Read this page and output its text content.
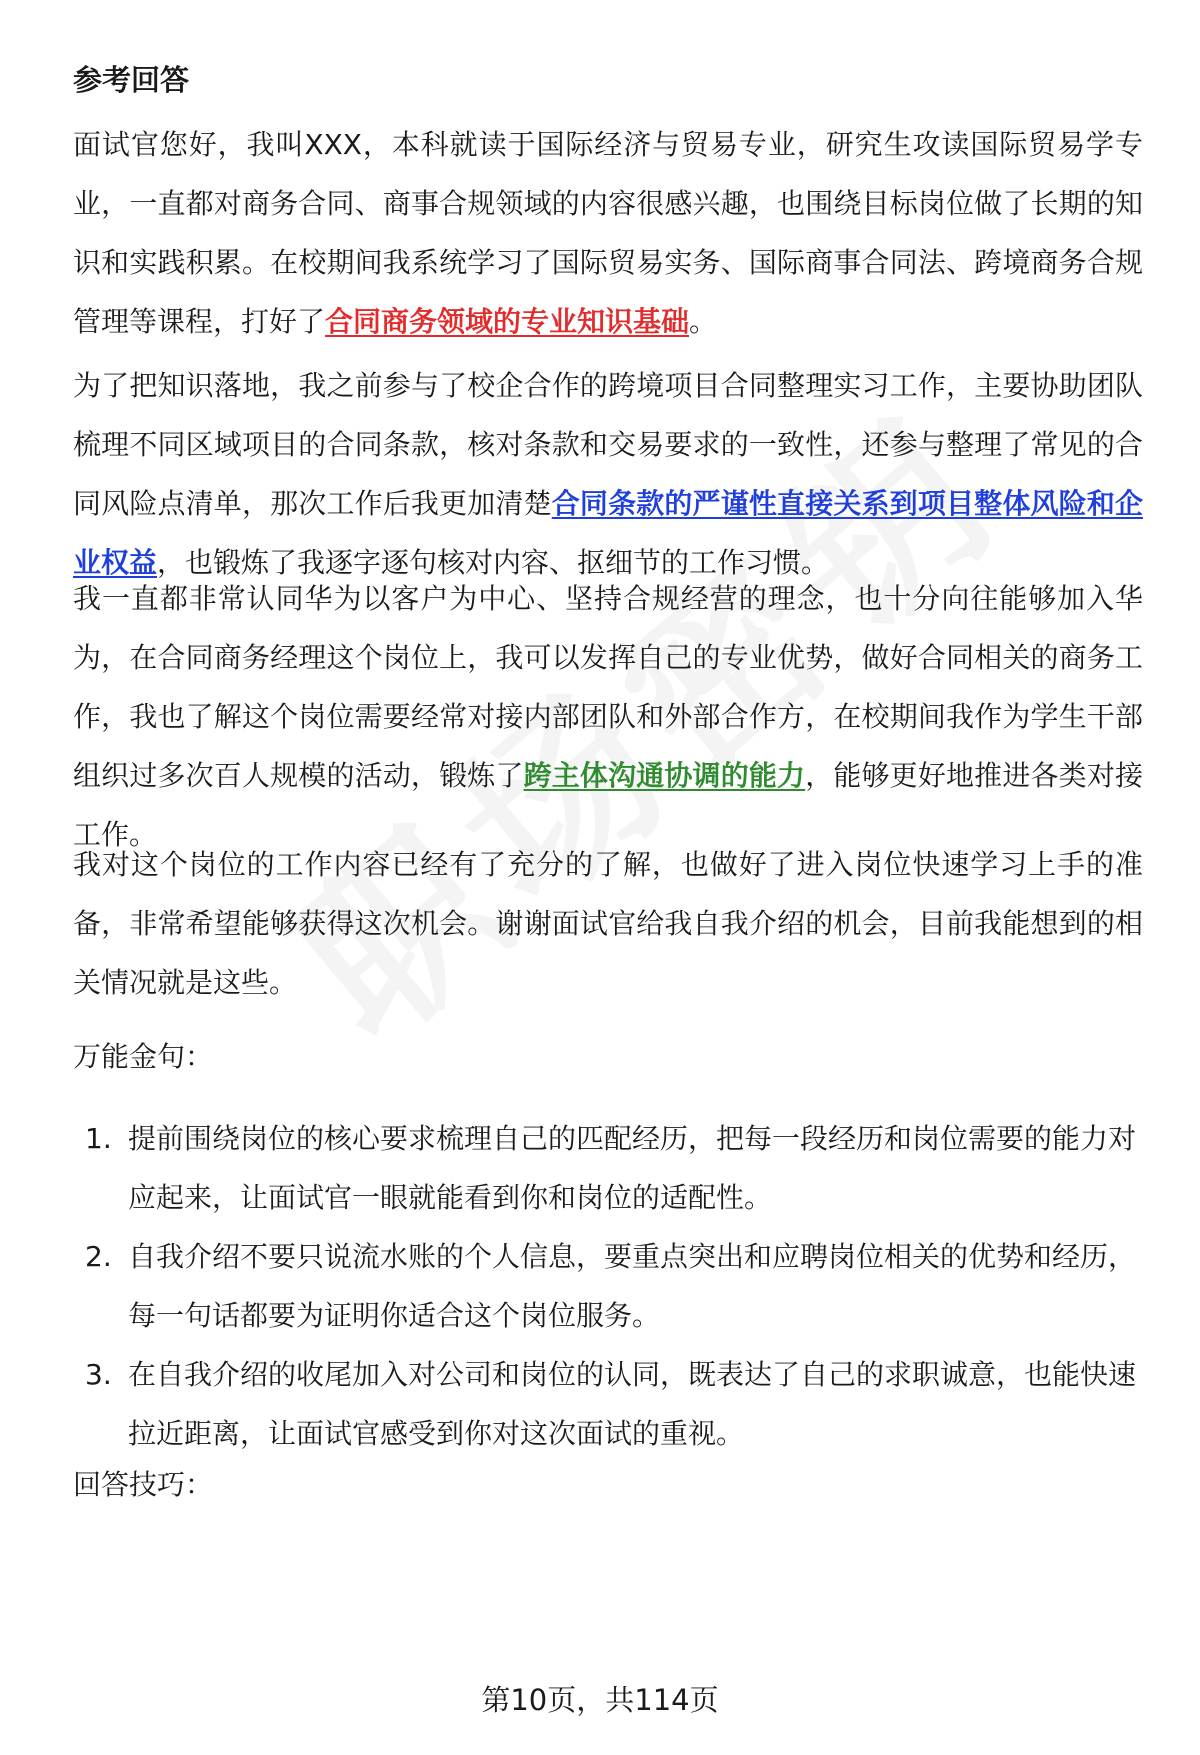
参考回答

面试官您好，我叫XXX，本科就读于国际经济与贸易专业，研究生攻读国际贸易学专业，一直都对商务合同、商事合规领域的内容很感兴趣，也围绕目标岗位做了长期的知识和实践积累。在校期间我系统学习了国际贸易实务、国际商事合同法、跨境商务合规管理等课程，打好了合同商务领域的专业知识基础。

为了把知识落地，我之前参与了校企合作的跨境项目合同整理实习工作，主要协助团队梳理不同区域项目的合同条款，核对条款和交易要求的一致性，还参与整理了常见的合同风险点清单，那次工作后我更加清楚合同条款的严谨性直接关系到项目整体风险和企业权益，也锻炼了我逐字逐句核对内容、抠细节的工作习惯。

我一直都非常认同华为以客户为中心、坚持合规经营的理念，也十分向往能够加入华为，在合同商务经理这个岗位上，我可以发挥自己的专业优势，做好合同相关的商务工作，我也了解这个岗位需要经常对接内部团队和外部合作方，在校期间我作为学生干部组织过多次百人规模的活动，锻炼了跨主体沟通协调的能力，能够更好地推进各类对接工作。

我对这个岗位的工作内容已经有了充分的了解，也做好了进入岗位快速学习上手的准备，非常希望能够获得这次机会。谢谢面试官给我自我介绍的机会，目前我能想到的相关情况就是这些。

万能金句：
1. 提前围绕岗位的核心要求梳理自己的匹配经历，把每一段经历和岗位需要的能力对应起来，让面试官一眼就能看到你和岗位的适配性。
2. 自我介绍不要只说流水账的个人信息，要重点突出和应聘岗位相关的优势和经历，每一句话都要为证明你适合这个岗位服务。
3. 在自我介绍的收尾加入对公司和岗位的认同，既表达了自己的求职诚意，也能快速拉近距离，让面试官感受到你对这次面试的重视。
回答技巧：
第10页，共114页
